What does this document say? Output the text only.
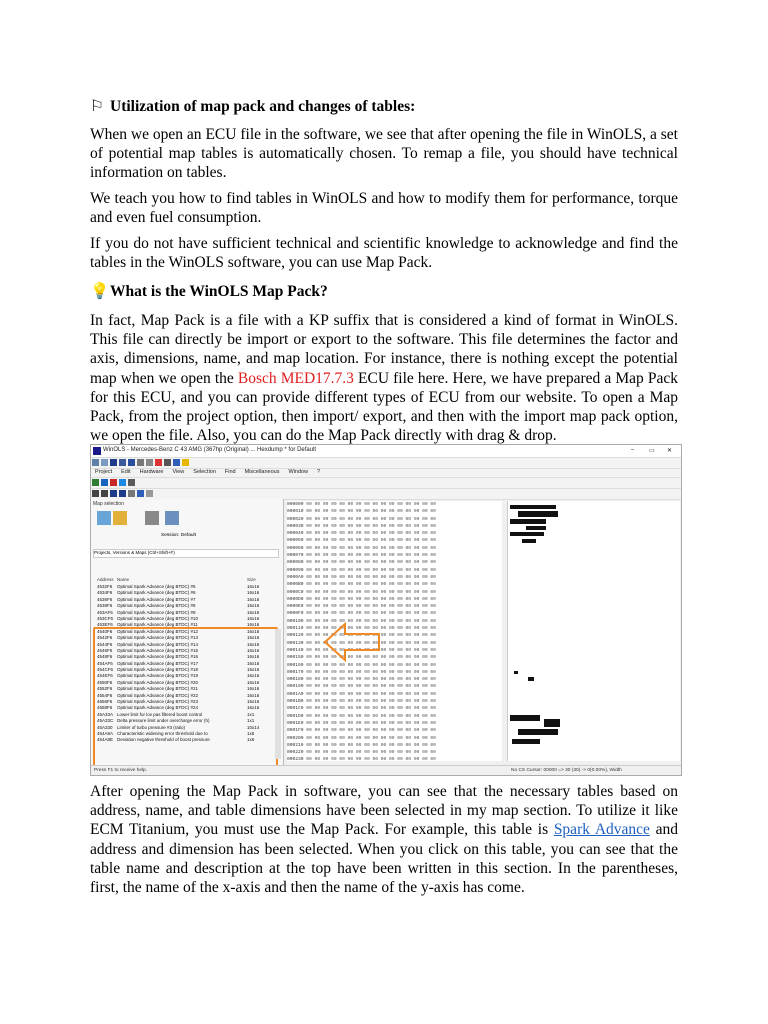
⚐ Utilization of map pack and changes of tables:

When we open an ECU file in the software, we see that after opening the file in WinOLS, a set of potential map tables is automatically chosen. To remap a file, you should have technical information on tables.

We teach you how to find tables in WinOLS and how to modify them for performance, torque and even fuel consumption.

If you do not have sufficient technical and scientific knowledge to acknowledge and find the tables in the WinOLS software, you can use Map Pack.

💡What is the WinOLS Map Pack?

In fact, Map Pack is a file with a KP suffix that is considered a kind of format in WinOLS. This file can directly be import or export to the software. This file determines the factor and axis, dimensions, name, and map location. For instance, there is nothing except the potential map when we open the Bosch MED17.7.3 ECU file here. Here, we have prepared a Map Pack for this ECU, and you can provide different types of ECU from our website. To open a Map Pack, from the project option, then import/ export, and then with the import map pack option, we open the file. Also, you can do the Map Pack directly with drag & drop.

WinOLS - Mercedes-Benz C 43 AMG (367hp (Original) ... Hexdump * for Default	– ▭ ✕
Project Edit Hardware View Selection Find Miscellaneous Window ?
Map selection
Session: Default
Projects, Versions & Maps (Ctrl+Shift+F)
Address Name	Size
4532F6	Optimal Spark Advance (deg BTDC) #5	16x16
4534F6	Optimal Spark Advance (deg BTDC) #6	16x16
4536F6	Optimal Spark Advance (deg BTDC) #7	16x16
4538F6	Optimal Spark Advance (deg BTDC) #8	16x16
453AF6 Optimal Spark Advance (deg BTDC) #9	16x16
453CF6 Optimal Spark Advance (deg BTDC) #10	16x16
453EF6 Optimal Spark Advance (deg BTDC) #11	16x16
4540F6	Optimal Spark Advance (deg BTDC) #12	16x16
4542F6	Optimal Spark Advance (deg BTDC) #13	16x16
4544F6	Optimal Spark Advance (deg BTDC) #14	16x16
4546F6	Optimal Spark Advance (deg BTDC) #15	16x16
4548F6	Optimal Spark Advance (deg BTDC) #16	16x16
454AF6 Optimal Spark Advance (deg BTDC) #17	16x16
454CF6 Optimal Spark Advance (deg BTDC) #18	16x16
454EF6 Optimal Spark Advance (deg BTDC) #19	16x16
4550F6	Optimal Spark Advance (deg BTDC) #20	16x16
4552F6	Optimal Spark Advance (deg BTDC) #21	16x16
4554F6	Optimal Spark Advance (deg BTDC) #22	16x16
4556F6	Optimal Spark Advance (deg BTDC) #23	16x16
4558F6	Optimal Spark Advance (deg BTDC) #24	16x16
45A33A Lower limit for lov pas filtered boost control	1x1
45A33C Delta pressure limit under overcharge error (h)	1x1
45A330 Limiter of turbo pressure #3 (ratio)	10x14
454A8A Characteristic widening error threshold due to	1x6
454A8E Deviation negative threshold of boost pressure	1x6
000000 00 00 00 00 00 00 00 00 00 00 00 00 00 00 00 00
000010 00 00 00 00 00 00 00 00 00 00 00 00 00 00 00 00
000020 00 00 00 00 00 00 00 00 00 00 00 00 00 00 00 00
000030 00 00 00 00 00 00 00 00 00 00 00 00 00 00 00 00
000040 00 00 00 00 00 00 00 00 00 00 00 00 00 00 00 00
000050 00 00 00 00 00 00 00 00 00 00 00 00 00 00 00 00
000060 00 00 00 00 00 00 00 00 00 00 00 00 00 00 00 00
000070 00 00 00 00 00 00 00 00 00 00 00 00 00 00 00 00
000080 00 00 00 00 00 00 00 00 00 00 00 00 00 00 00 00
000090 00 00 00 00 00 00 00 00 00 00 00 00 00 00 00 00
0000A0 00 00 00 00 00 00 00 00 00 00 00 00 00 00 00 00
0000B0 00 00 00 00 00 00 00 00 00 00 00 00 00 00 00 00
0000C0 00 00 00 00 00 00 00 00 00 00 00 00 00 00 00 00
0000D0 00 00 00 00 00 00 00 00 00 00 00 00 00 00 00 00
0000E0 00 00 00 00 00 00 00 00 00 00 00 00 00 00 00 00
0000F0 00 00 00 00 00 00 00 00 00 00 00 00 00 00 00 00
000100 00 00 00 00 00 00 00 00 00 00 00 00 00 00 00 00
000110 00 00 00 00 00 00 00 00 00 00 00 00 00 00 00 00
000120 00 00 00 00 00 00 00 00 00 00 00 00 00 00 00 00
000130 00 00 00 00 00 00 00 00 00 00 00 00 00 00 00 00
000140 00 00 00 00 00 00 00 00 00 00 00 00 00 00 00 00
000150 00 00 00 00 00 00 00 00 00 00 00 00 00 00 00 00
000160 00 00 00 00 00 00 00 00 00 00 00 00 00 00 00 00
000170 00 00 00 00 00 00 00 00 00 00 00 00 00 00 00 00
000180 00 00 00 00 00 00 00 00 00 00 00 00 00 00 00 00
000190 00 00 00 00 00 00 00 00 00 00 00 00 00 00 00 00
0001A0 00 00 00 00 00 00 00 00 00 00 00 00 00 00 00 00
0001B0 00 00 00 00 00 00 00 00 00 00 00 00 00 00 00 00
0001C0 00 00 00 00 00 00 00 00 00 00 00 00 00 00 00 00
0001D0 00 00 00 00 00 00 00 00 00 00 00 00 00 00 00 00
0001E0 00 00 00 00 00 00 00 00 00 00 00 00 00 00 00 00
0001F0 00 00 00 00 00 00 00 00 00 00 00 00 00 00 00 00
000200 00 00 00 00 00 00 00 00 00 00 00 00 00 00 00 00
000210 00 00 00 00 00 00 00 00 00 00 00 00 00 00 00 00
000220 00 00 00 00 00 00 00 00 00 00 00 00 00 00 00 00
000230 00 00 00 00 00 00 00 00 00 00 00 00 00 00 00 00
Press F1 to receive help.	No CS Cursor: 00000 => 30 (30) -> 0(0.00%), Width

After opening the Map Pack in software, you can see that the necessary tables based on address, name, and table dimensions have been selected in my map section. To utilize it like ECM Titanium, you must use the Map Pack. For example, this table is Spark Advance and address and dimension has been selected. When you click on this table, you can see that the table name and description at the top have been written in this section. In the parentheses, first, the name of the x-axis and then the name of the y-axis has come.
